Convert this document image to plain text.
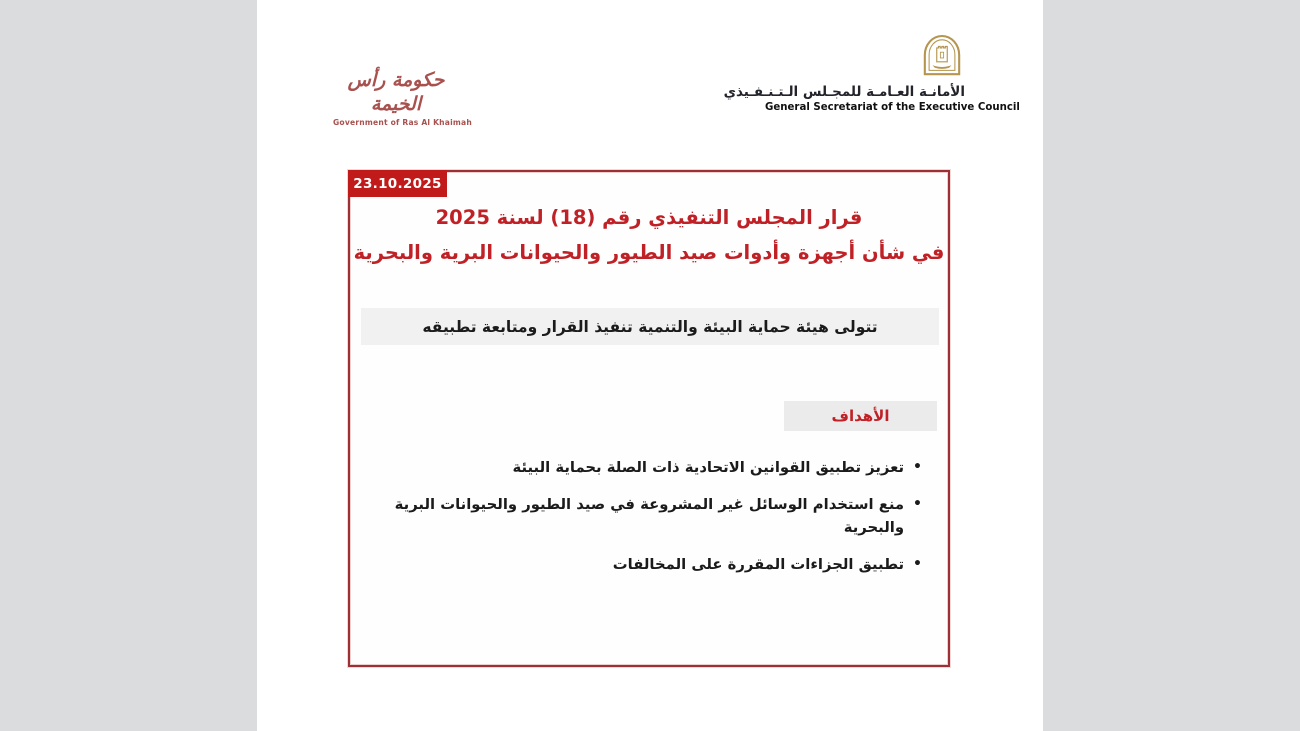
حكومة رأس الخيمة
Government of Ras Al Khaimah
الأمانـة العـامـة للمجـلس الـتـنـفـيذي
General Secretariat of the Executive Council
23.10.2025
قرار المجلس التنفيذي رقم (18) لسنة 2025
في شأن أجهزة وأدوات صيد الطيور والحيوانات البرية والبحرية
تتولى هيئة حماية البيئة والتنمية تنفيذ القرار ومتابعة تطبيقه
الأهداف
•
تعزيز تطبيق القوانين الاتحادية ذات الصلة بحماية البيئة
•
منع استخدام الوسائل غير المشروعة في صيد الطيور والحيوانات البرية والبحرية
•
تطبيق الجزاءات المقررة على المخالفات
